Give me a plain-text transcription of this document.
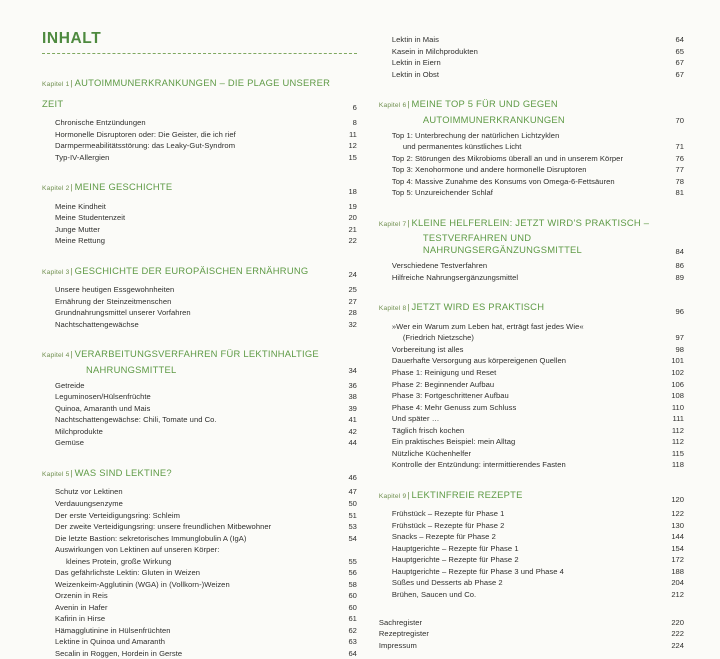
INHALT
Kapitel 1| AUTOIMMUNERKRANKUNGEN – DIE PLAGE UNSERER ZEIT	6
Chronische Entzündungen	8
Hormonelle Disruptoren oder: Die Geister, die ich rief	11
Darmpermeabilitätsstörung: das Leaky-Gut-Syndrom	12
Typ-IV-Allergien	15
Kapitel 2| MEINE GESCHICHTE	18
Meine Kindheit	19
Meine Studentenzeit	20
Junge Mutter	21
Meine Rettung	22
Kapitel 3| GESCHICHTE DER EUROPÄISCHEN ERNÄHRUNG	24
Unsere heutigen Essgewohnheiten	25
Ernährung der Steinzeitmenschen	27
Grundnahrungsmittel unserer Vorfahren	28
Nachtschattengewächse	32
Kapitel 4| VERARBEITUNGSVERFAHREN FÜR LEKTINHALTIGE
NAHRUNGSMITTEL	34
Getreide	36
Leguminosen/Hülsenfrüchte	38
Quinoa, Amaranth und Mais	39
Nachtschattengewächse: Chili, Tomate und Co.	41
Milchprodukte	42
Gemüse	44
Kapitel 5| WAS SIND LEKTINE?	46
Schutz vor Lektinen	47
Verdauungsenzyme	50
Der erste Verteidigungsring: Schleim	51
Der zweite Verteidigungsring: unsere freundlichen Mitbewohner	53
Die letzte Bastion: sekretorisches Immunglobulin A (IgA)	54
Auswirkungen von Lektinen auf unseren Körper:
kleines Protein, große Wirkung	55
Das gefährlichste Lektin: Gluten in Weizen	56
Weizenkeim-Agglutinin (WGA) in (Vollkorn-)Weizen	58
Orzenin in Reis	60
Avenin in Hafer	60
Kafirin in Hirse	61
Hämagglutinine in Hülsenfrüchten	62
Lektine in Quinoa und Amaranth	63
Secalin in Roggen, Hordein in Gerste	64
Lektin in Mais	64
Kasein in Milchprodukten	65
Lektin in Eiern	67
Lektin in Obst	67
Kapitel 6| MEINE TOP 5 FÜR UND GEGEN
AUTOIMMUNERKRANKUNGEN	70
Top 1: Unterbrechung der natürlichen Lichtzyklen
und permanentes künstliches Licht	71
Top 2: Störungen des Mikrobioms überall an und in unserem Körper	76
Top 3: Xenohormone und andere hormonelle Disruptoren	77
Top 4: Massive Zunahme des Konsums von Omega-6-Fettsäuren	78
Top 5: Unzureichender Schlaf	81
Kapitel 7| KLEINE HELFERLEIN: JETZT WIRD’S PRAKTISCH –
TESTVERFAHREN UND NAHRUNGSERGÄNZUNGSMITTEL	84
Verschiedene Testverfahren	86
Hilfreiche Nahrungsergänzungsmittel	89
Kapitel 8| JETZT WIRD ES PRAKTISCH	96
»Wer ein Warum zum Leben hat, erträgt fast jedes Wie«
(Friedrich Nietzsche)	97
Vorbereitung ist alles	98
Dauerhafte Versorgung aus körpereigenen Quellen	101
Phase 1: Reinigung und Reset	102
Phase 2: Beginnender Aufbau	106
Phase 3: Fortgeschrittener Aufbau	108
Phase 4: Mehr Genuss zum Schluss	110
Und später …	111
Täglich frisch kochen	112
Ein praktisches Beispiel: mein Alltag	112
Nützliche Küchenhelfer	115
Kontrolle der Entzündung: intermittierendes Fasten	118
Kapitel 9| LEKTINFREIE REZEPTE	120
Frühstück – Rezepte für Phase 1	122
Frühstück – Rezepte für Phase 2	130
Snacks – Rezepte für Phase 2	144
Hauptgerichte – Rezepte für Phase 1	154
Hauptgerichte – Rezepte für Phase 2	172
Hauptgerichte – Rezepte für Phase 3 und Phase 4	188
Süßes und Desserts ab Phase 2	204
Brühen, Saucen und Co.	212
Sachregister	220
Rezeptregister	222
Impressum	224
